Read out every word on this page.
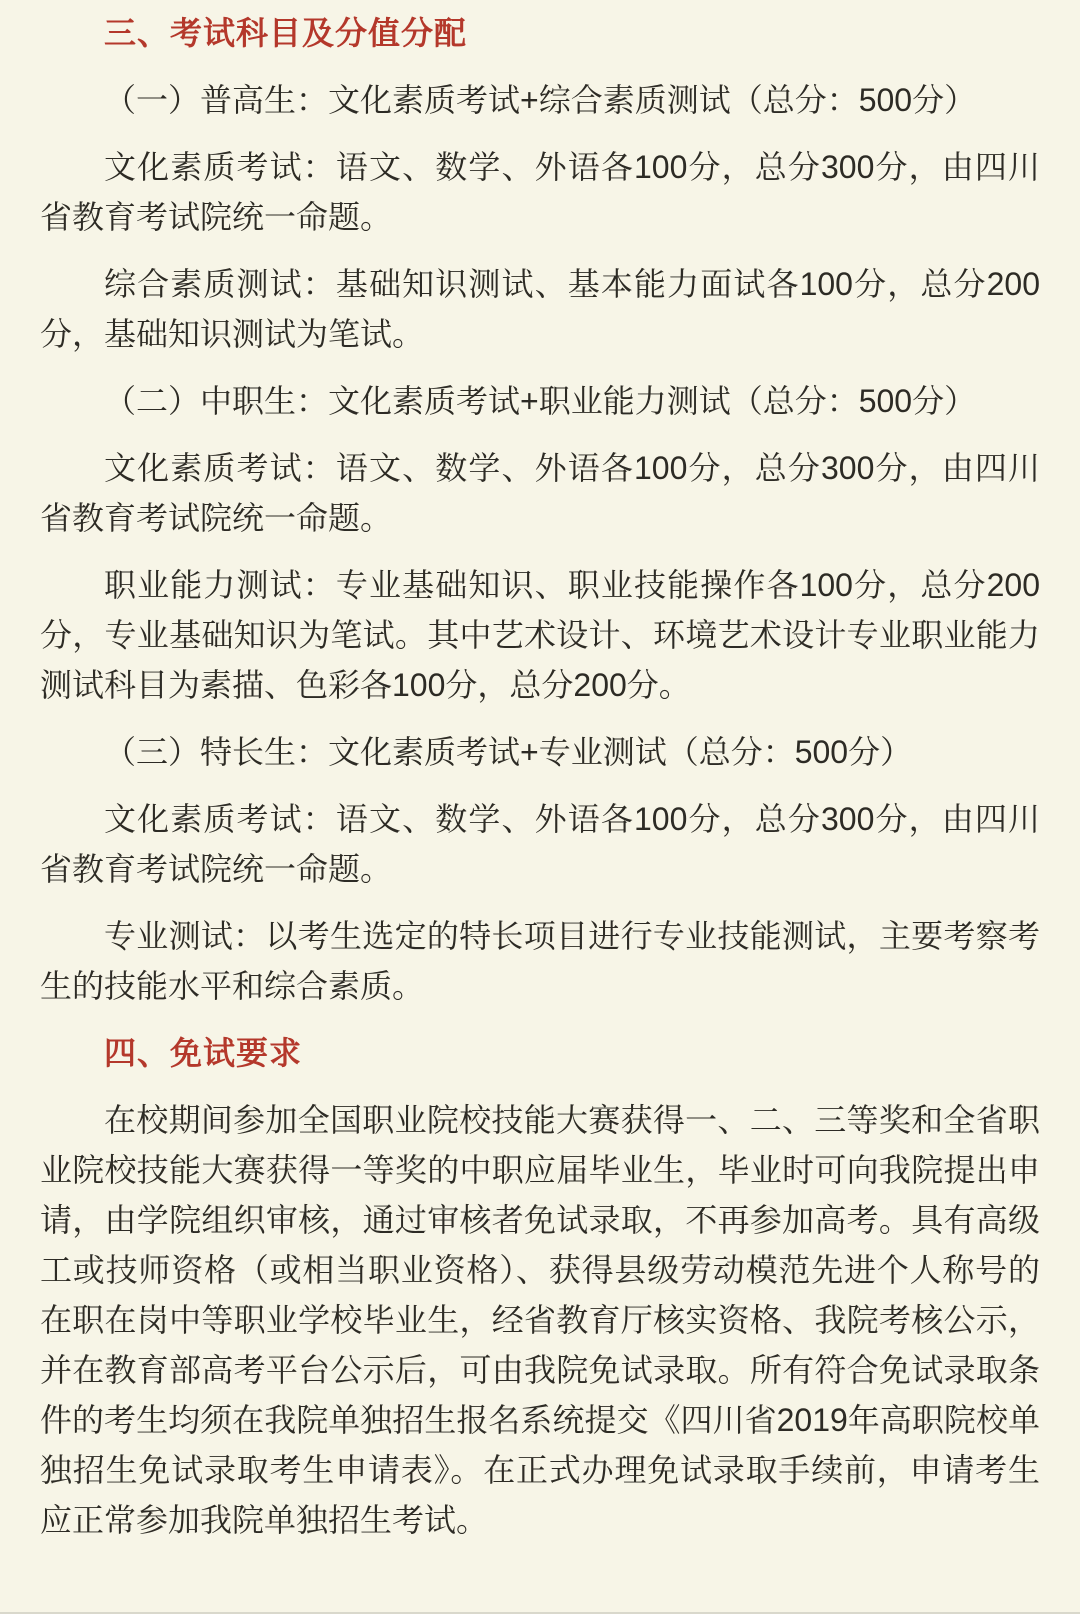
三、考试科目及分值分配

（一）普高生：文化素质考试+综合素质测试（总分：500分）

文化素质考试：语文、数学、外语各100分，总分300分，由四川省教育考试院统一命题。

综合素质测试：基础知识测试、基本能力面试各100分，总分200分，基础知识测试为笔试。

（二）中职生：文化素质考试+职业能力测试（总分：500分）

文化素质考试：语文、数学、外语各100分，总分300分，由四川省教育考试院统一命题。

职业能力测试：专业基础知识、职业技能操作各100分，总分200分，专业基础知识为笔试。其中艺术设计、环境艺术设计专业职业能力测试科目为素描、色彩各100分，总分200分。

（三）特长生：文化素质考试+专业测试（总分：500分）

文化素质考试：语文、数学、外语各100分，总分300分，由四川省教育考试院统一命题。

专业测试：以考生选定的特长项目进行专业技能测试，主要考察考生的技能水平和综合素质。

四、免试要求

在校期间参加全国职业院校技能大赛获得一、二、三等奖和全省职业院校技能大赛获得一等奖的中职应届毕业生，毕业时可向我院提出申请，由学院组织审核，通过审核者免试录取，不再参加高考。具有高级工或技师资格（或相当职业资格）、获得县级劳动模范先进个人称号的在职在岗中等职业学校毕业生，经省教育厅核实资格、我院考核公示，并在教育部高考平台公示后，可由我院免试录取。所有符合免试录取条件的考生均须在我院单独招生报名系统提交《四川省2019年高职院校单独招生免试录取考生申请表》。在正式办理免试录取手续前，申请考生应正常参加我院单独招生考试。
